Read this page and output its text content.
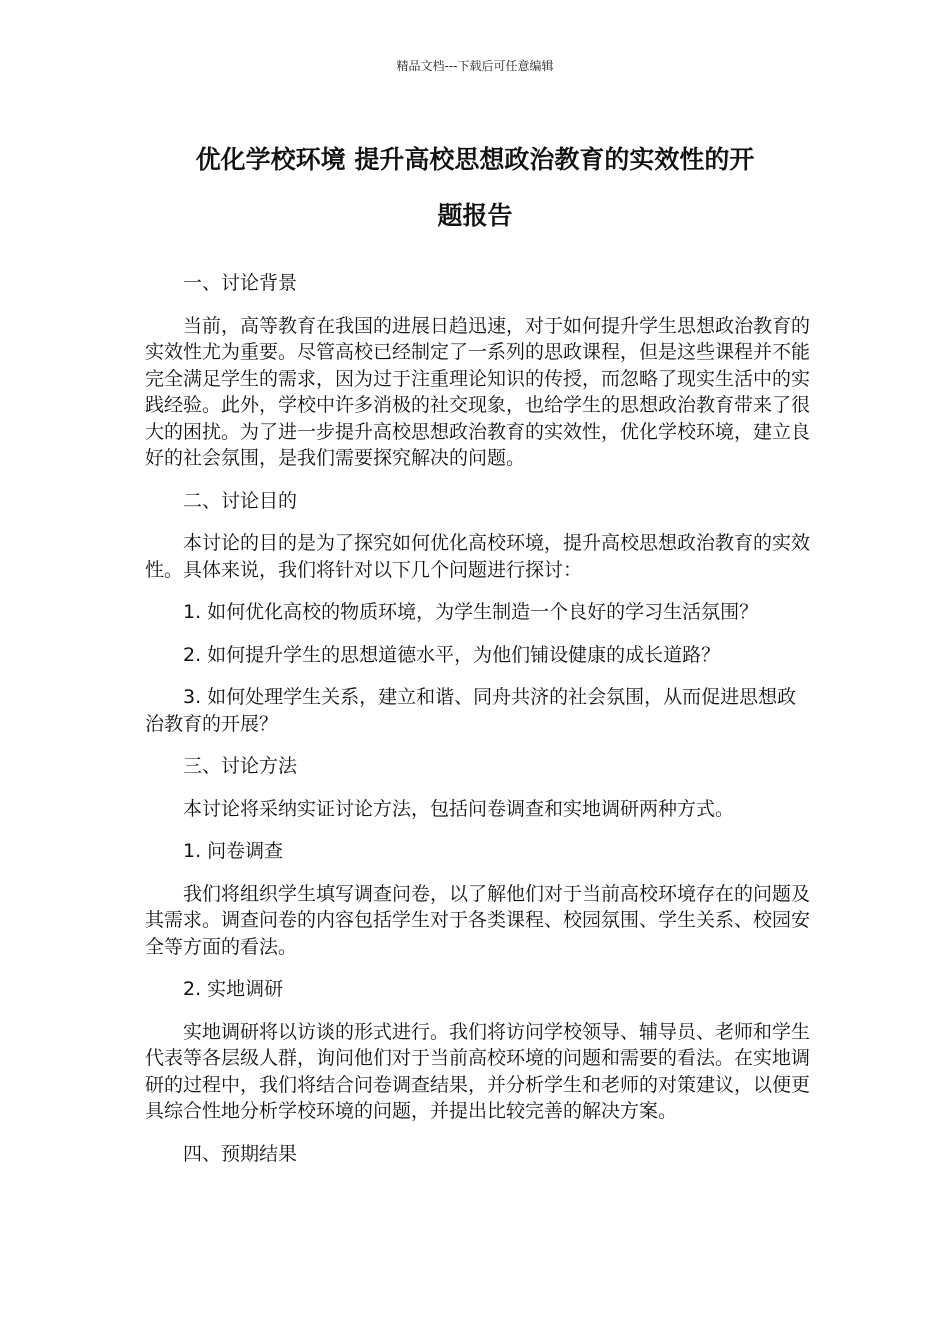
精品文档---下载后可任意编辑
优化学校环境 提升高校思想政治教育的实效性的开
题报告

一、讨论背景

当前，高等教育在我国的进展日趋迅速，对于如何提升学生思想政治教育的实效性尤为重要。尽管高校已经制定了一系列的思政课程，但是这些课程并不能完全满足学生的需求，因为过于注重理论知识的传授，而忽略了现实生活中的实践经验。此外，学校中许多消极的社交现象，也给学生的思想政治教育带来了很大的困扰。为了进一步提升高校思想政治教育的实效性，优化学校环境，建立良好的社会氛围，是我们需要探究解决的问题。

二、讨论目的

本讨论的目的是为了探究如何优化高校环境，提升高校思想政治教育的实效性。具体来说，我们将针对以下几个问题进行探讨：

1. 如何优化高校的物质环境，为学生制造一个良好的学习生活氛围？

2. 如何提升学生的思想道德水平，为他们铺设健康的成长道路？

3. 如何处理学生关系，建立和谐、同舟共济的社会氛围，从而促进思想政治教育的开展？

三、讨论方法

本讨论将采纳实证讨论方法，包括问卷调查和实地调研两种方式。

1. 问卷调查

我们将组织学生填写调查问卷，以了解他们对于当前高校环境存在的问题及其需求。调查问卷的内容包括学生对于各类课程、校园氛围、学生关系、校园安全等方面的看法。

2. 实地调研

实地调研将以访谈的形式进行。我们将访问学校领导、辅导员、老师和学生代表等各层级人群，询问他们对于当前高校环境的问题和需要的看法。在实地调研的过程中，我们将结合问卷调查结果，并分析学生和老师的对策建议，以便更具综合性地分析学校环境的问题，并提出比较完善的解决方案。

四、预期结果
